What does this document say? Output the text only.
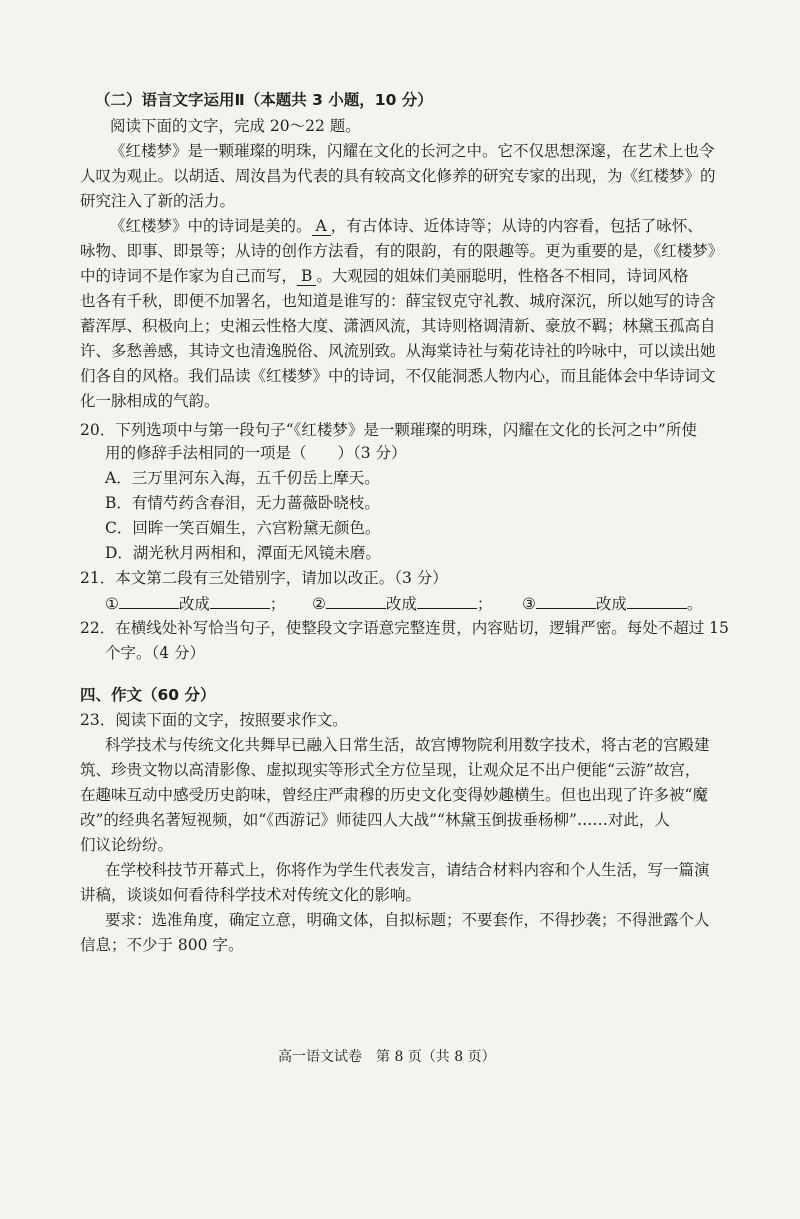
（二）语言文字运用Ⅱ（本题共 3 小题，10 分）

阅读下面的文字，完成 20～22 题。

《红楼梦》是一颗璀璨的明珠，闪耀在文化的长河之中。它不仅思想深邃，在艺术上也令

人叹为观止。以胡适、周汝昌为代表的具有较高文化修养的研究专家的出现，为《红楼梦》的

研究注入了新的活力。

《红楼梦》中的诗词是美的。 A ，有古体诗、近体诗等；从诗的内容看，包括了咏怀、

咏物、即事、即景等；从诗的创作方法看，有的限韵，有的限趣等。更为重要的是，《红楼梦》

中的诗词不是作家为自己而写， B 。大观园的姐妹们美丽聪明，性格各不相同，诗词风格

也各有千秋，即便不加署名，也知道是谁写的：薛宝钗克守礼教、城府深沉，所以她写的诗含

蓄浑厚、积极向上；史湘云性格大度、潇洒风流，其诗则格调清新、豪放不羁；林黛玉孤高自

许、多愁善感，其诗文也清逸脱俗、风流别致。从海棠诗社与菊花诗社的吟咏中，可以读出她

们各自的风格。我们品读《红楼梦》中的诗词，不仅能洞悉人物内心，而且能体会中华诗词文

化一脉相成的气韵。

20．下列选项中与第一段句子“《红楼梦》是一颗璀璨的明珠，闪耀在文化的长河之中”所使

用的修辞手法相同的一项是（　　）（3 分）

A．三万里河东入海，五千仞岳上摩天。

B．有情芍药含春泪，无力蔷薇卧晓枝。

C．回眸一笑百媚生，六宫粉黛无颜色。

D．湖光秋月两相和，潭面无风镜未磨。

21．本文第二段有三处错别字，请加以改正。（3 分）

①	改成	； ②	改成	； ③	改成	。

22．在横线处补写恰当句子，使整段文字语意完整连贯，内容贴切，逻辑严密。每处不超过 15

个字。（4 分）

四、作文（60 分）

23．阅读下面的文字，按照要求作文。

科学技术与传统文化共舞早已融入日常生活，故宫博物院利用数字技术，将古老的宫殿建

筑、珍贵文物以高清影像、虚拟现实等形式全方位呈现，让观众足不出户便能“云游”故宫，

在趣味互动中感受历史韵味，曾经庄严肃穆的历史文化变得妙趣横生。但也出现了许多被“魔

改”的经典名著短视频，如“《西游记》师徒四人大战”“林黛玉倒拔垂杨柳”……对此，人

们议论纷纷。

在学校科技节开幕式上，你将作为学生代表发言，请结合材料内容和个人生活，写一篇演

讲稿，谈谈如何看待科学技术对传统文化的影响。

要求：选准角度，确定立意，明确文体，自拟标题；不要套作，不得抄袭；不得泄露个人

信息；不少于 800 字。

高一语文试卷　第 8 页（共 8 页）
